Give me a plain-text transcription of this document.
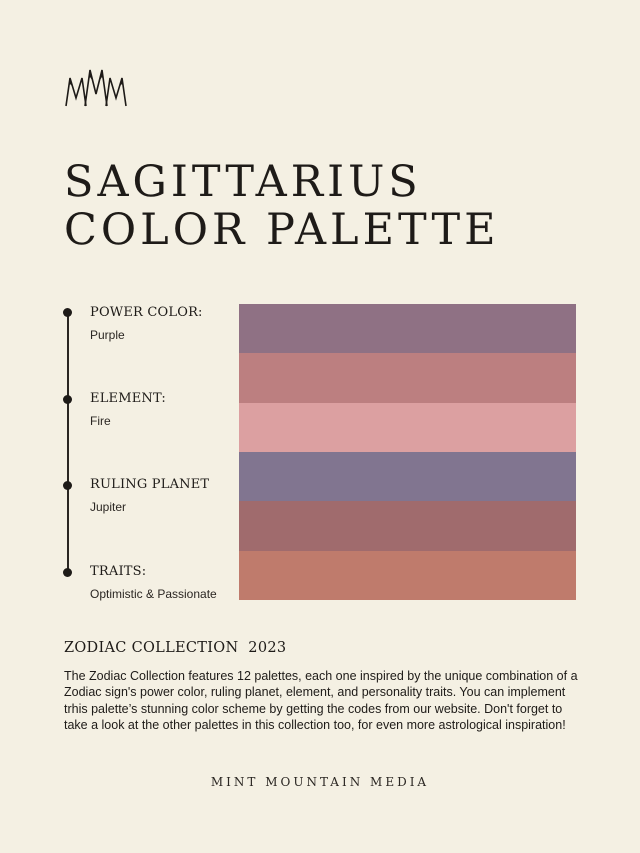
SAGITTARIUS
COLOR PALETTE
POWER COLOR:
Purple
ELEMENT:
Fire
RULING PLANET
Jupiter
TRAITS:
Optimistic & Passionate
ZODIAC COLLECTION  2023

The Zodiac Collection features 12 palettes, each one inspired by the unique combination of a Zodiac sign's power color, ruling planet, element, and personality traits. You can implement trhis palette’s stunning color scheme by getting the codes from our website. Don't forget to take a look at the other palettes in this collection too, for even more astrological inspiration!

MINT MOUNTAIN MEDIA
